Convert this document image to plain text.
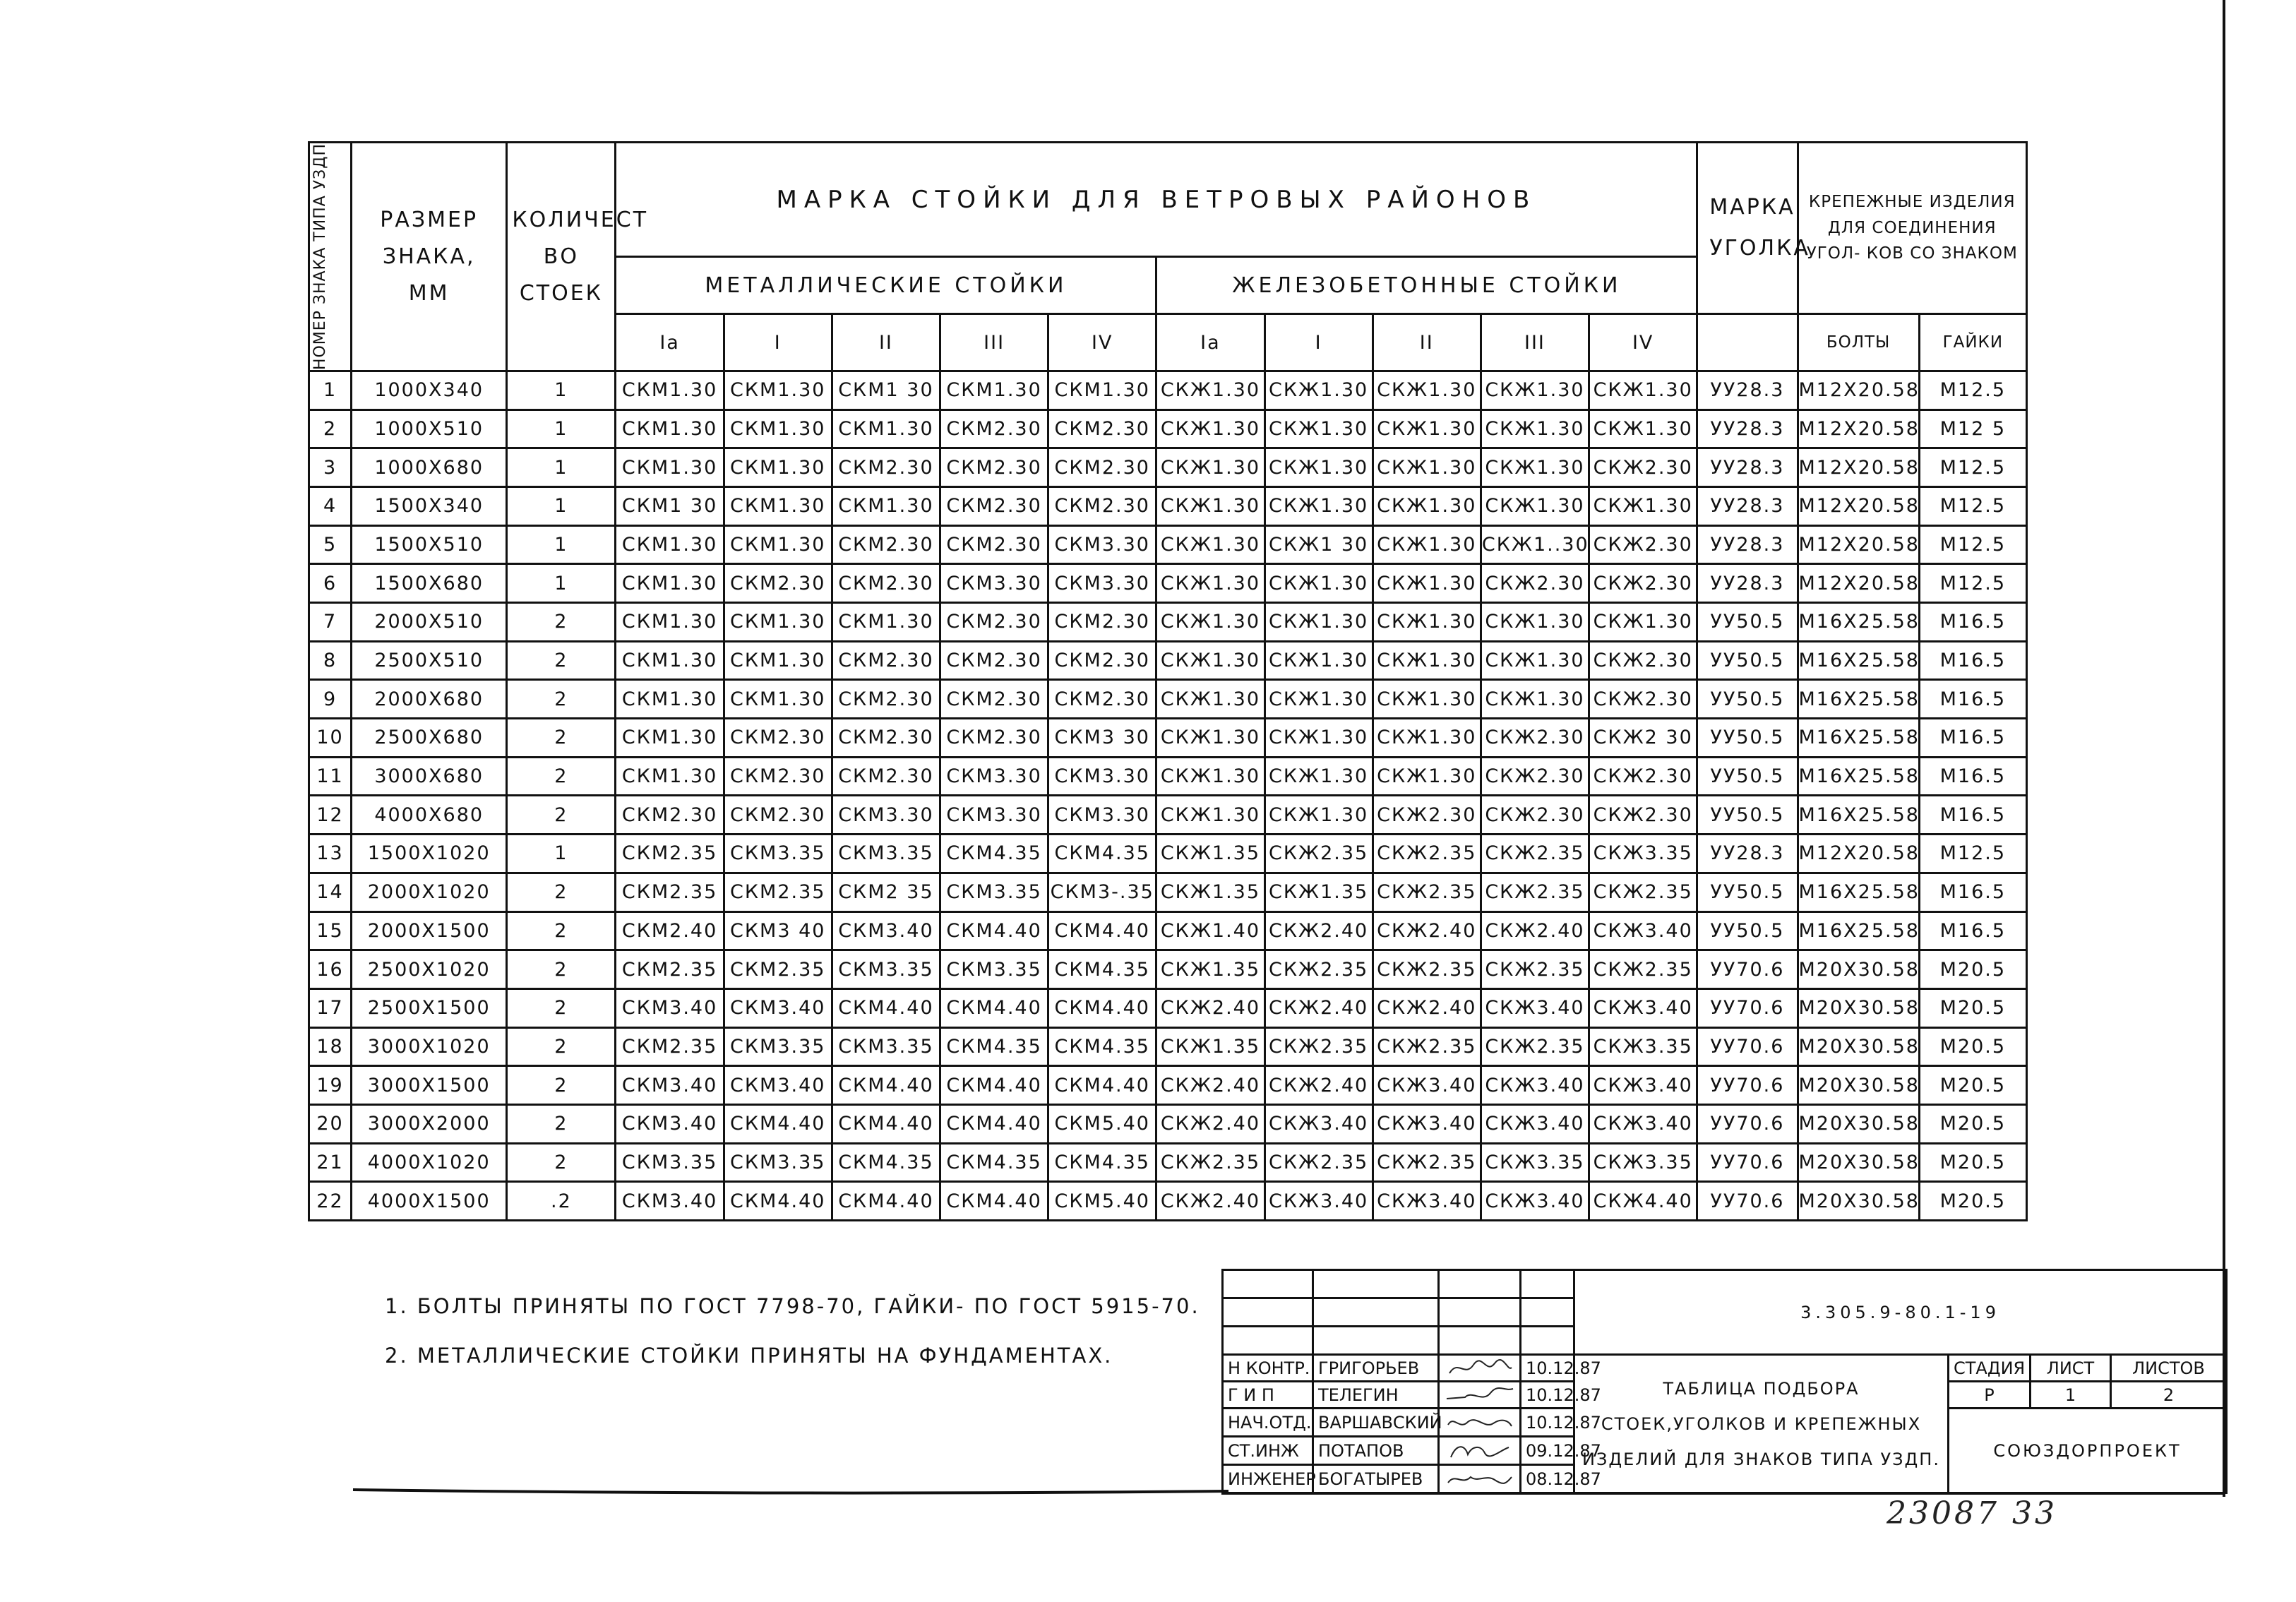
НОМЕР ЗНАКА ТИПА УЗДП	РАЗМЕР ЗНАКА, ММ	КОЛИЧЕСТ ВО СТОЕК	МАРКА СТОЙКИ ДЛЯ ВЕТРОВЫХ РАЙОНОВ										МАРКА УГОЛКА	КРЕПЕЖНЫЕ ИЗДЕЛИЯ ДЛЯ СОЕДИНЕНИЯ УГОЛ- КОВ СО ЗНАКОМ	
			МЕТАЛЛИЧЕСКИЕ СТОЙКИ					ЖЕЛЕЗОБЕТОННЫЕ СТОЙКИ							
			Iа	I	II	III	IV	Iа	I	II	III	IV		БОЛТЫ	ГАЙКИ
1	1000X340	1	СКМ1.30	СКМ1.30	СКМ1 30	СКМ1.30	СКМ1.30	СКЖ1.30	СКЖ1.30	СКЖ1.30	СКЖ1.30	СКЖ1.30	УУ28.3	М12Х20.58	М12.5
2	1000X510	1	СКМ1.30	СКМ1.30	СКМ1.30	СКМ2.30	СКМ2.30	СКЖ1.30	СКЖ1.30	СКЖ1.30	СКЖ1.30	СКЖ1.30	УУ28.3	М12Х20.58	М12 5
3	1000X680	1	СКМ1.30	СКМ1.30	СКМ2.30	СКМ2.30	СКМ2.30	СКЖ1.30	СКЖ1.30	СКЖ1.30	СКЖ1.30	СКЖ2.30	УУ28.3	М12Х20.58	М12.5
4	1500X340	1	СКМ1 30	СКМ1.30	СКМ1.30	СКМ2.30	СКМ2.30	СКЖ1.30	СКЖ1.30	СКЖ1.30	СКЖ1.30	СКЖ1.30	УУ28.3	М12Х20.58	М12.5
5	1500X510	1	СКМ1.30	СКМ1.30	СКМ2.30	СКМ2.30	СКМ3.30	СКЖ1.30	СКЖ1 30	СКЖ1.30	СКЖ1..30	СКЖ2.30	УУ28.3	М12Х20.58	М12.5
6	1500X680	1	СКМ1.30	СКМ2.30	СКМ2.30	СКМ3.30	СКМ3.30	СКЖ1.30	СКЖ1.30	СКЖ1.30	СКЖ2.30	СКЖ2.30	УУ28.3	М12Х20.58	М12.5
7	2000X510	2	СКМ1.30	СКМ1.30	СКМ1.30	СКМ2.30	СКМ2.30	СКЖ1.30	СКЖ1.30	СКЖ1.30	СКЖ1.30	СКЖ1.30	УУ50.5	М16Х25.58	М16.5
8	2500X510	2	СКМ1.30	СКМ1.30	СКМ2.30	СКМ2.30	СКМ2.30	СКЖ1.30	СКЖ1.30	СКЖ1.30	СКЖ1.30	СКЖ2.30	УУ50.5	М16Х25.58	М16.5
9	2000X680	2	СКМ1.30	СКМ1.30	СКМ2.30	СКМ2.30	СКМ2.30	СКЖ1.30	СКЖ1.30	СКЖ1.30	СКЖ1.30	СКЖ2.30	УУ50.5	М16Х25.58	М16.5
10	2500X680	2	СКМ1.30	СКМ2.30	СКМ2.30	СКМ2.30	СКМ3 30	СКЖ1.30	СКЖ1.30	СКЖ1.30	СКЖ2.30	СКЖ2 30	УУ50.5	М16Х25.58	М16.5
11	3000X680	2	СКМ1.30	СКМ2.30	СКМ2.30	СКМ3.30	СКМ3.30	СКЖ1.30	СКЖ1.30	СКЖ1.30	СКЖ2.30	СКЖ2.30	УУ50.5	М16Х25.58	М16.5
12	4000X680	2	СКМ2.30	СКМ2.30	СКМ3.30	СКМ3.30	СКМ3.30	СКЖ1.30	СКЖ1.30	СКЖ2.30	СКЖ2.30	СКЖ2.30	УУ50.5	М16Х25.58	М16.5
13	1500X1020	1	СКМ2.35	СКМ3.35	СКМ3.35	СКМ4.35	СКМ4.35	СКЖ1.35	СКЖ2.35	СКЖ2.35	СКЖ2.35	СКЖ3.35	УУ28.3	М12Х20.58	М12.5
14	2000X1020	2	СКМ2.35	СКМ2.35	СКМ2 35	СКМ3.35	СКМ3-.35	СКЖ1.35	СКЖ1.35	СКЖ2.35	СКЖ2.35	СКЖ2.35	УУ50.5	М16Х25.58	М16.5
15	2000X1500	2	СКМ2.40	СКМ3 40	СКМ3.40	СКМ4.40	СКМ4.40	СКЖ1.40	СКЖ2.40	СКЖ2.40	СКЖ2.40	СКЖ3.40	УУ50.5	М16Х25.58	М16.5
16	2500X1020	2	СКМ2.35	СКМ2.35	СКМ3.35	СКМ3.35	СКМ4.35	СКЖ1.35	СКЖ2.35	СКЖ2.35	СКЖ2.35	СКЖ2.35	УУ70.6	М20Х30.58	М20.5
17	2500X1500	2	СКМ3.40	СКМ3.40	СКМ4.40	СКМ4.40	СКМ4.40	СКЖ2.40	СКЖ2.40	СКЖ2.40	СКЖ3.40	СКЖ3.40	УУ70.6	М20Х30.58	М20.5
18	3000X1020	2	СКМ2.35	СКМ3.35	СКМ3.35	СКМ4.35	СКМ4.35	СКЖ1.35	СКЖ2.35	СКЖ2.35	СКЖ2.35	СКЖ3.35	УУ70.6	М20Х30.58	М20.5
19	3000X1500	2	СКМ3.40	СКМ3.40	СКМ4.40	СКМ4.40	СКМ4.40	СКЖ2.40	СКЖ2.40	СКЖ3.40	СКЖ3.40	СКЖ3.40	УУ70.6	М20Х30.58	М20.5
20	3000X2000	2	СКМ3.40	СКМ4.40	СКМ4.40	СКМ4.40	СКМ5.40	СКЖ2.40	СКЖ3.40	СКЖ3.40	СКЖ3.40	СКЖ3.40	УУ70.6	М20Х30.58	М20.5
21	4000X1020	2	СКМ3.35	СКМ3.35	СКМ4.35	СКМ4.35	СКМ4.35	СКЖ2.35	СКЖ2.35	СКЖ2.35	СКЖ3.35	СКЖ3.35	УУ70.6	М20Х30.58	М20.5
22	4000X1500	.2	СКМ3.40	СКМ4.40	СКМ4.40	СКМ4.40	СКМ5.40	СКЖ2.40	СКЖ3.40	СКЖ3.40	СКЖ3.40	СКЖ4.40	УУ70.6	М20Х30.58	М20.5
1. БОЛТЫ ПРИНЯТЫ ПО ГОСТ 7798-70, ГАЙКИ- ПО ГОСТ 5915-70.
2. МЕТАЛЛИЧЕСКИЕ СТОЙКИ ПРИНЯТЫ НА ФУНДАМЕНТАХ.
				3.305.9-80.1-19			

Н КОНТР.	ГРИГОРЬЕВ		10.12.87	ТАБЛИЦА ПОДБОРА СТОЕК,УГОЛКОВ И КРЕПЕЖНЫХ ИЗДЕЛИЙ ДЛЯ ЗНАКОВ ТИПА УЗДП.	СТАДИЯ	ЛИСТ	ЛИСТОВ
Г И П	ТЕЛЕГИН		10.12.87		Р	1	2
НАЧ.ОТД.	ВАРШАВСКИЙ		10.12.87		СОЮЗДОРПРОЕКТ		
СТ.ИНЖ	ПОТАПОВ		09.12.87				
ИНЖЕНЕР	БОГАТЫРЕВ		08.12.87				
23087 33
